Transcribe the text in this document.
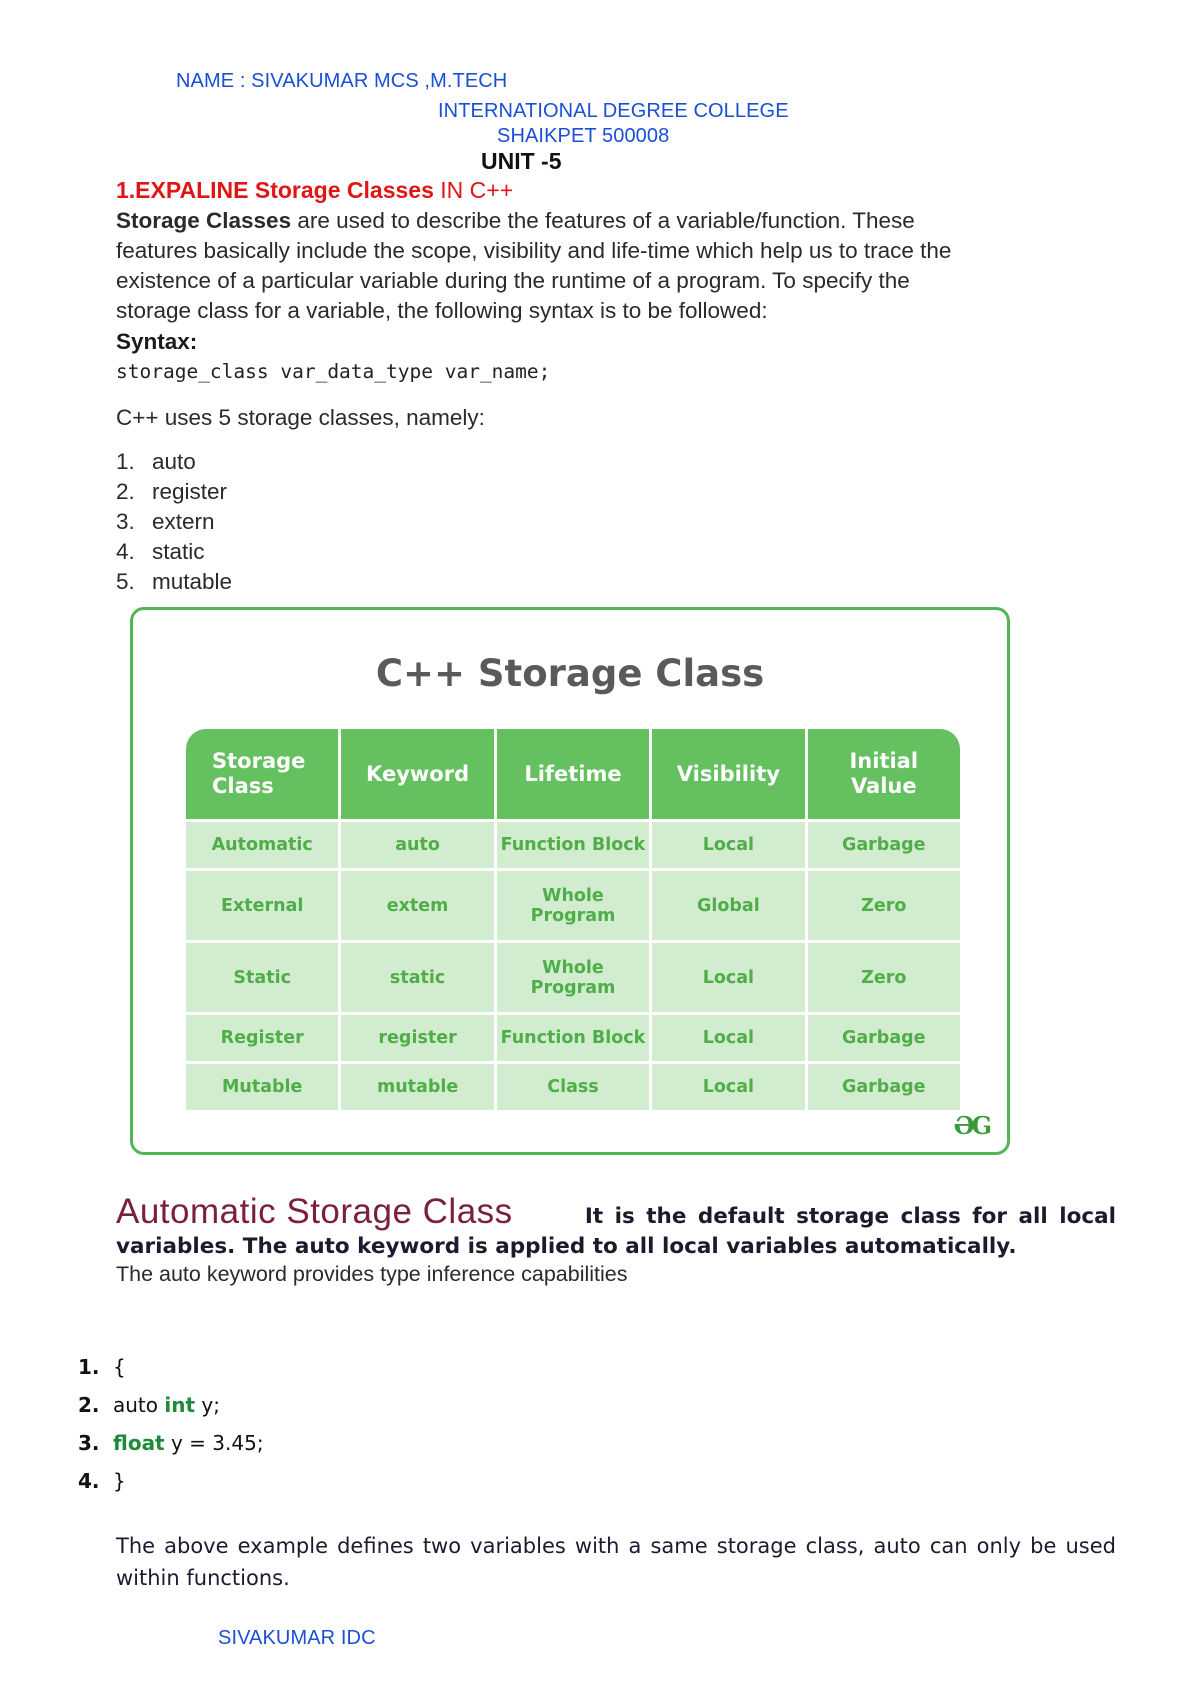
NAME : SIVAKUMAR MCS ,M.TECH
INTERNATIONAL DEGREE COLLEGE
SHAIKPET 500008
UNIT -5
1.EXPALINE Storage Classes IN C++
Storage Classes are used to describe the features of a variable/function. These
features basically include the scope, visibility and life-time which help us to trace the
existence of a particular variable during the runtime of a program. To specify the
storage class for a variable, the following syntax is to be followed:
Syntax:
storage_class var_data_type var_name;
C++ uses 5 storage classes, namely:
1. auto
2. register
3. extern
4. static
5. mutable
C++ Storage Class
Storage Class	Keyword	Lifetime	Visibility	Initial Value
Automatic	auto	Function Block	Local	Garbage
External	extem	Whole Program	Global	Zero
Static	static	Whole Program	Local	Zero
Register	register	Function Block	Local	Garbage
Mutable	mutable	Class	Local	Garbage
ƏG
Automatic Storage Class	It is the default storage class for all local
variables. The auto keyword is applied to all local variables automatically.
The auto keyword provides type inference capabilities
1. {
2. auto int y;
3. float y = 3.45;
4. }
The above example defines two variables with a same storage class, auto can only be used within functions.
SIVAKUMAR IDC
